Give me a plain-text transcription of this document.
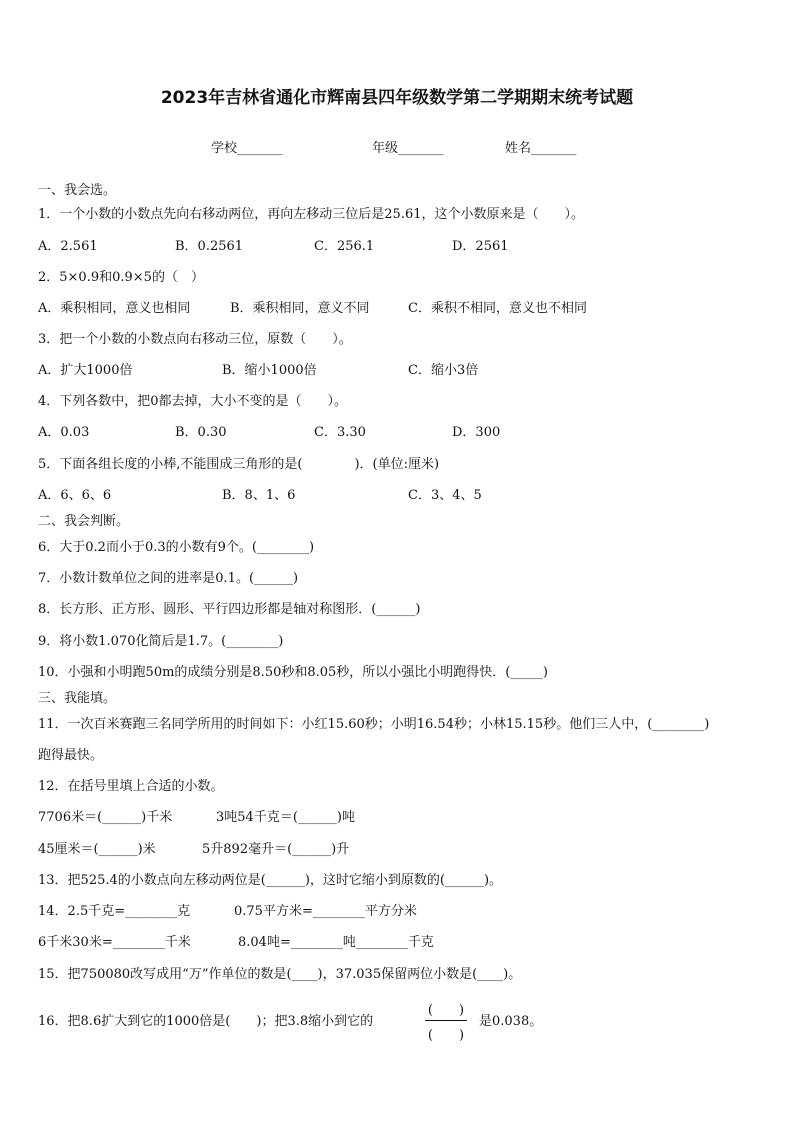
2023年吉林省通化市辉南县四年级数学第二学期期末统考试题
学校_______	年级_______	姓名_______
一、我会选。
1．一个小数的小数点先向右移动两位，再向左移动三位后是25.61，这个小数原来是（　　）。
A．2.561	B．0.2561	C．256.1	D．2561
2．5×0.9和0.9×5的（　）
A．乘积相同，意义也相同	B．乘积相同，意义不同	C．乘积不相同，意义也不相同
3．把一个小数的小数点向右移动三位，原数（　　）。
A．扩大1000倍	B．缩小1000倍	C．缩小3倍
4．下列各数中，把0都去掉，大小不变的是（　　）。
A．0.03	B．0.30	C．3.30	D．300
5．下面各组长度的小棒,不能围成三角形的是(　　　　)．(单位:厘米)
A．6、6、6	B．8、1、6	C．3、4、5
二、我会判断。
6．大于0.2而小于0.3的小数有9个。(________)
7．小数计数单位之间的进率是0.1。(______)
8．长方形、正方形、圆形、平行四边形都是轴对称图形．(______)
9．将小数1.070化简后是1.7。(________)
10．小强和小明跑50m的成绩分别是8.50秒和8.05秒，所以小强比小明跑得快．(_____)
三、我能填。
11．一次百米赛跑三名同学所用的时间如下：小红15.60秒；小明16.54秒；小林15.15秒。他们三人中，(________)
跑得最快。
12．在括号里填上合适的小数。
7706米＝(______)千米	3吨54千克＝(______)吨
45厘米＝(______)米	5升892毫升＝(______)升
13．把525.4的小数点向左移动两位是(______)，这时它缩小到原数的(______)。
14．2.5千克=________克	0.75平方米=________平方分米
6千米30米=________千米	8.04吨=________吨________千克
15．把750080改写成用“万”作单位的数是(____)，37.035保留两位小数是(____)。
16．把8.6扩大到它的1000倍是(　　)；把3.8缩小到它的
(　　)
(　　)
是0.038。
